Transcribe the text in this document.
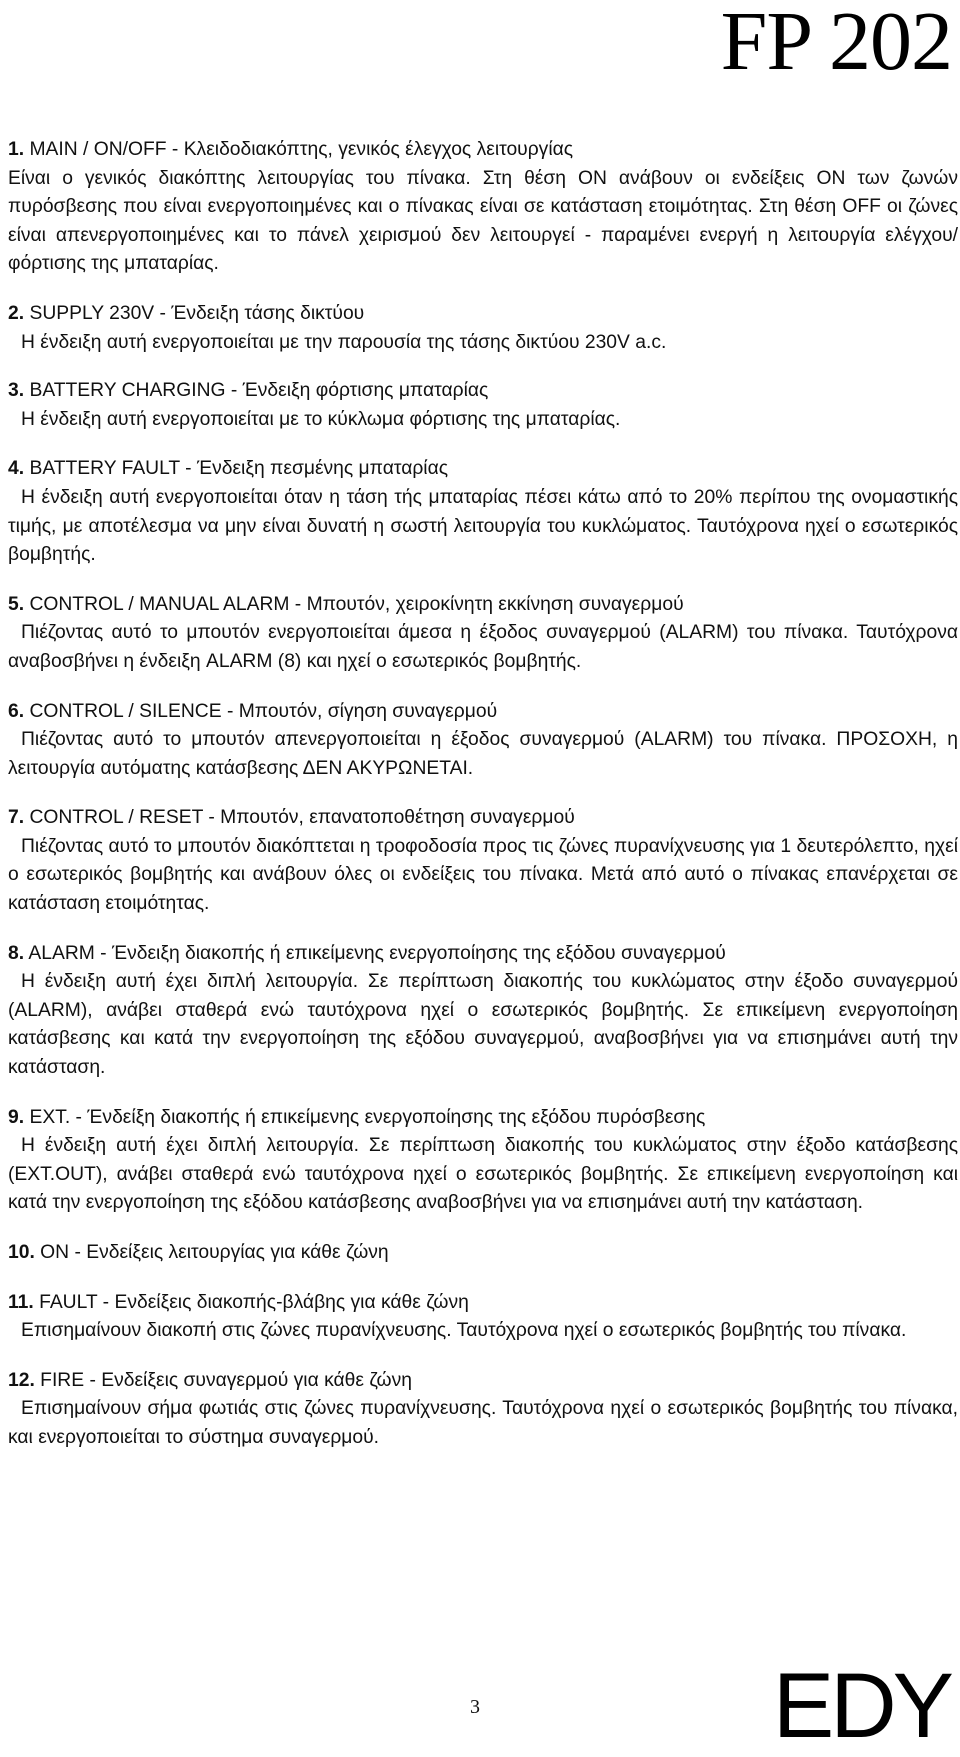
FP 202
1. MAIN / ON/OFF - Κλειδοδιακόπτης, γενικός έλεγχος λειτουργίας
Είναι ο γενικός διακόπτης λειτουργίας του πίνακα. Στη θέση ON ανάβουν οι ενδείξεις ON των ζωνών πυρόσβεσης που είναι ενεργοποιημένες και ο πίνακας είναι σε κατάσταση ετοιμότητας. Στη θέση OFF οι ζώνες είναι απενεργοποιημένες και το πάνελ χειρισμού δεν λειτουργεί - παραμένει ενεργή η λειτουργία ελέγχου/φόρτισης της μπαταρίας.
2. SUPPLY 230V - Ένδειξη τάσης δικτύου
Η ένδειξη αυτή ενεργοποιείται με την παρουσία της τάσης δικτύου 230V a.c.
3. BATTERY CHARGING - Ένδειξη φόρτισης μπαταρίας
Η ένδειξη αυτή ενεργοποιείται με το κύκλωμα φόρτισης της μπαταρίας.
4. BATTERY FAULT - Ένδειξη πεσμένης μπαταρίας
Η ένδειξη αυτή ενεργοποιείται όταν η τάση τής μπαταρίας πέσει κάτω από το 20% περίπου της ονομαστικής τιμής, με αποτέλεσμα να μην είναι δυνατή η σωστή λειτουργία του κυκλώματος. Ταυτόχρονα ηχεί ο εσωτερικός βομβητής.
5. CONTROL / MANUAL ALARM - Μπουτόν, χειροκίνητη εκκίνηση συναγερμού
Πιέζοντας αυτό το μπουτόν ενεργοποιείται άμεσα η έξοδος συναγερμού (ALARM) του πίνακα. Ταυτόχρονα αναβοσβήνει η ένδειξη ALARM (8) και ηχεί ο εσωτερικός βομβητής.
6. CONTROL / SILENCE - Μπουτόν, σίγηση συναγερμού
Πιέζοντας αυτό το μπουτόν απενεργοποιείται η έξοδος συναγερμού (ALARM) του πίνακα. ΠΡΟΣΟΧΗ, η λειτουργία αυτόματης κατάσβεσης ΔΕΝ ΑΚΥΡΩΝΕΤΑΙ.
7. CONTROL / RESET - Μπουτόν, επανατοποθέτηση συναγερμού
Πιέζοντας αυτό το μπουτόν διακόπτεται η τροφοδοσία προς τις ζώνες πυρανίχνευσης για 1 δευτερόλεπτο, ηχεί ο εσωτερικός βομβητής και ανάβουν όλες οι ενδείξεις του πίνακα. Μετά από αυτό ο πίνακας επανέρχεται σε κατάσταση ετοιμότητας.
8. ALARM - Ένδειξη διακοπής ή επικείμενης ενεργοποίησης της εξόδου συναγερμού
Η ένδειξη αυτή έχει διπλή λειτουργία. Σε περίπτωση διακοπής του κυκλώματος στην έξοδο συναγερμού (ALARM), ανάβει σταθερά ενώ ταυτόχρονα ηχεί ο εσωτερικός βομβητής. Σε επικείμενη ενεργοποίηση κατάσβεσης και κατά την ενεργοποίηση της εξόδου συναγερμού, αναβοσβήνει για να επισημάνει αυτή την κατάσταση.
9. EXT. - Ένδείξη διακοπής ή επικείμενης ενεργοποίησης της εξόδου πυρόσβεσης
Η ένδειξη αυτή έχει διπλή λειτουργία. Σε περίπτωση διακοπής του κυκλώματος στην έξοδο κατάσβεσης (EXT.OUT), ανάβει σταθερά ενώ ταυτόχρονα ηχεί ο εσωτερικός βομβητής. Σε επικείμενη ενεργοποίηση και κατά την ενεργοποίηση της εξόδου κατάσβεσης αναβοσβήνει για να επισημάνει αυτή την κατάσταση.
10. ON - Ενδείξεις λειτουργίας για κάθε ζώνη
11. FAULT - Ενδείξεις διακοπής-βλάβης για κάθε ζώνη
Επισημαίνουν διακοπή στις ζώνες πυρανίχνευσης. Ταυτόχρονα ηχεί ο εσωτερικός βομβητής του πίνακα.
12. FIRE - Ενδείξεις συναγερμού για κάθε ζώνη
Επισημαίνουν σήμα φωτιάς στις ζώνες πυρανίχνευσης. Ταυτόχρονα ηχεί ο εσωτερικός βομβητής του πίνακα, και ενεργοποιείται το σύστημα συναγερμού.
3	EDY
